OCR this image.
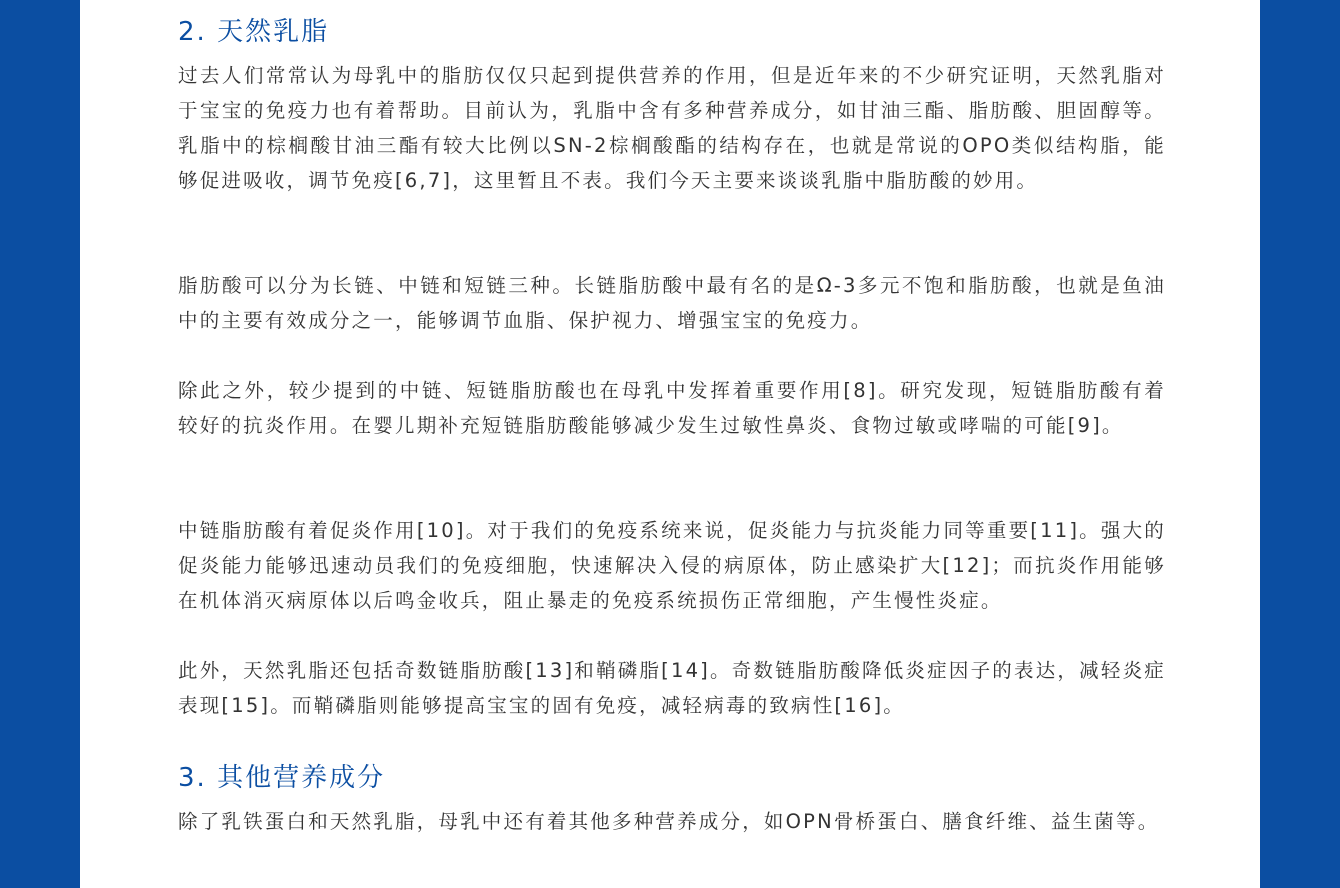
2. 天然乳脂

过去人们常常认为母乳中的脂肪仅仅只起到提供营养的作用，但是近年来的不少研究证明，天然乳脂对于宝宝的免疫力也有着帮助。目前认为，乳脂中含有多种营养成分，如甘油三酯、脂肪酸、胆固醇等。乳脂中的棕榈酸甘油三酯有较大比例以SN-2棕榈酸酯的结构存在，也就是常说的OPO类似结构脂，能够促进吸收，调节免疫[6,7]，这里暂且不表。我们今天主要来谈谈乳脂中脂肪酸的妙用。

脂肪酸可以分为长链、中链和短链三种。长链脂肪酸中最有名的是Ω-3多元不饱和脂肪酸，也就是鱼油中的主要有效成分之一，能够调节血脂、保护视力、增强宝宝的免疫力。

除此之外，较少提到的中链、短链脂肪酸也在母乳中发挥着重要作用[8]。研究发现，短链脂肪酸有着较好的抗炎作用。在婴儿期补充短链脂肪酸能够减少发生过敏性鼻炎、食物过敏或哮喘的可能[9]。

中链脂肪酸有着促炎作用[10]。对于我们的免疫系统来说，促炎能力与抗炎能力同等重要[11]。强大的促炎能力能够迅速动员我们的免疫细胞，快速解决入侵的病原体，防止感染扩大[12]；而抗炎作用能够在机体消灭病原体以后鸣金收兵，阻止暴走的免疫系统损伤正常细胞，产生慢性炎症。

此外，天然乳脂还包括奇数链脂肪酸[13]和鞘磷脂[14]。奇数链脂肪酸降低炎症因子的表达，减轻炎症表现[15]。而鞘磷脂则能够提高宝宝的固有免疫，减轻病毒的致病性[16]。

3. 其他营养成分

除了乳铁蛋白和天然乳脂，母乳中还有着其他多种营养成分，如OPN骨桥蛋白、膳食纤维、益生菌等。
